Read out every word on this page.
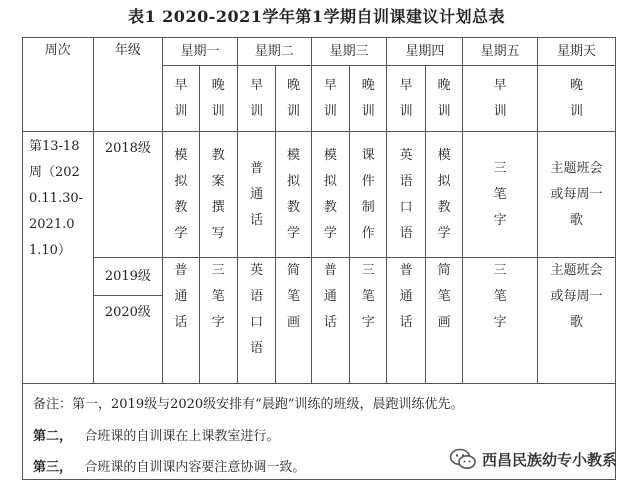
表1 2020-2021学年第1学期自训课建议计划总表
周次	年级	星期一		星期二		星期三		星期四		星期五	星期天
		早训	晚训	早训	晚训	早训	晚训	早训	晚训	早训	晚训
第13-18周（2020.11.30-2021.01.10）	2018级	模拟教学	教案撰写	普通话	模拟教学	模拟教学	课件制作	英语口语	模拟教学	三笔字	主题班会或每周一歌
	2019级	普通话	三笔字	英语口语	简笔画	普通话	三笔字	普通话	简笔画	三笔字	主题班会或每周一歌
	2020级										
备注：第一，2019级与2020级安排有“晨跑”训练的班级，晨跑训练优先。
第二， 合班课的自训课在上课教室进行。
第三， 合班课的自训课内容要注意协调一致。	西昌民族幼专小教系
